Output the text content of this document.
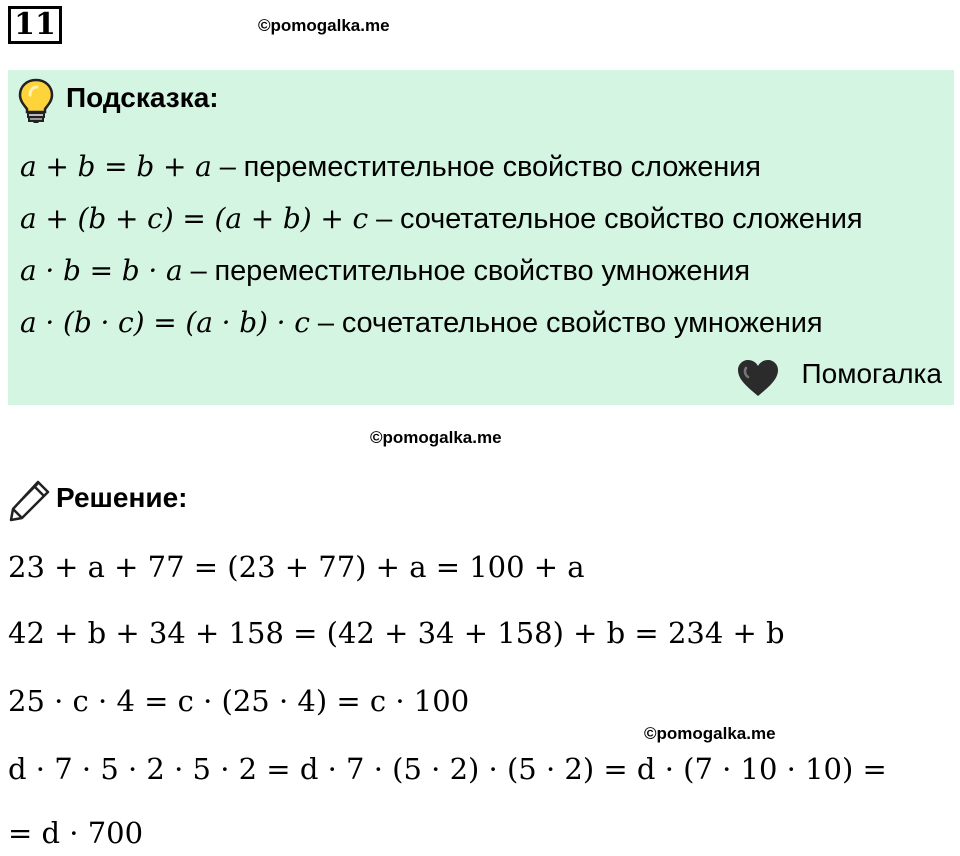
11	©pomogalka.me
Подсказка:
a + b = b + a – переместительное свойство сложения
a + (b + c) = (a + b) + c – сочетательное свойство сложения
a · b = b · a – переместительное свойство умножения
a · (b · c) = (a · b) · c – сочетательное свойство умножения
Помогалка
©pomogalka.me
Решение:
23 + a + 77 = (23 + 77) + a = 100 + a
42 + b + 34 + 158 = (42 + 34 + 158) + b = 234 + b
25 · c · 4 = c · (25 · 4) = c · 100
©pomogalka.me
d · 7 · 5 · 2 · 5 · 2 = d · 7 · (5 · 2) · (5 · 2) = d · (7 · 10 · 10) =
= d · 700
